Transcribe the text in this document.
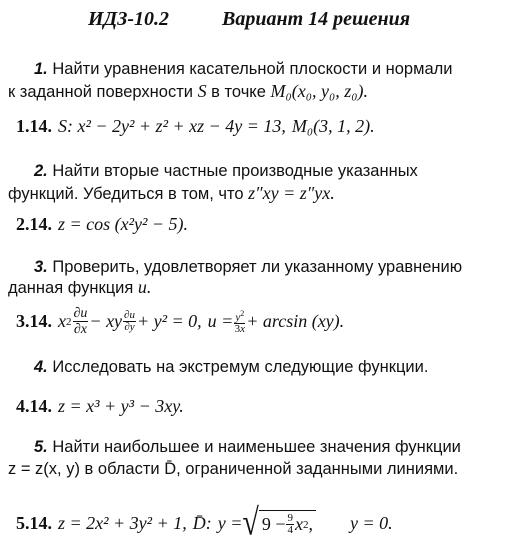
ИДЗ-10.2	Вариант 14 решения
1. Найти уравнения касательной плоскости и нормали
к заданной поверхности S в точке M₀(x₀, y₀, z₀).
1.14. S: x² − 2y² + z² + xz − 4y = 13, M₀(3, 1, 2).
2. Найти вторые частные производные указанных
функций. Убедиться в том, что z″xy = z″yx.
2.14. z = cos (x²y² − 5).
3. Проверить, удовлетворяет ли указанному уравнению
данная функция u.
3.14. x $2 \frac{\partial u}{\partial x}$ − xy $\frac{\partial u}{\partial y} + y^2 = 0$, $u = \frac{y^2}{3x} + \arcsin (xy)$.
4. Исследовать на экстремум следующие функции.
4.14. z = x³ + y³ − 3xy.
5. Найти наибольшее и наименьшее значения функции
z = z(x, y) в области D̄, ограниченной заданными линиями.
5.14. z = 2x² + 3y² + 1, D̄: y = √ $9 - \frac{9}{4}$ x 2 , y = 0.
